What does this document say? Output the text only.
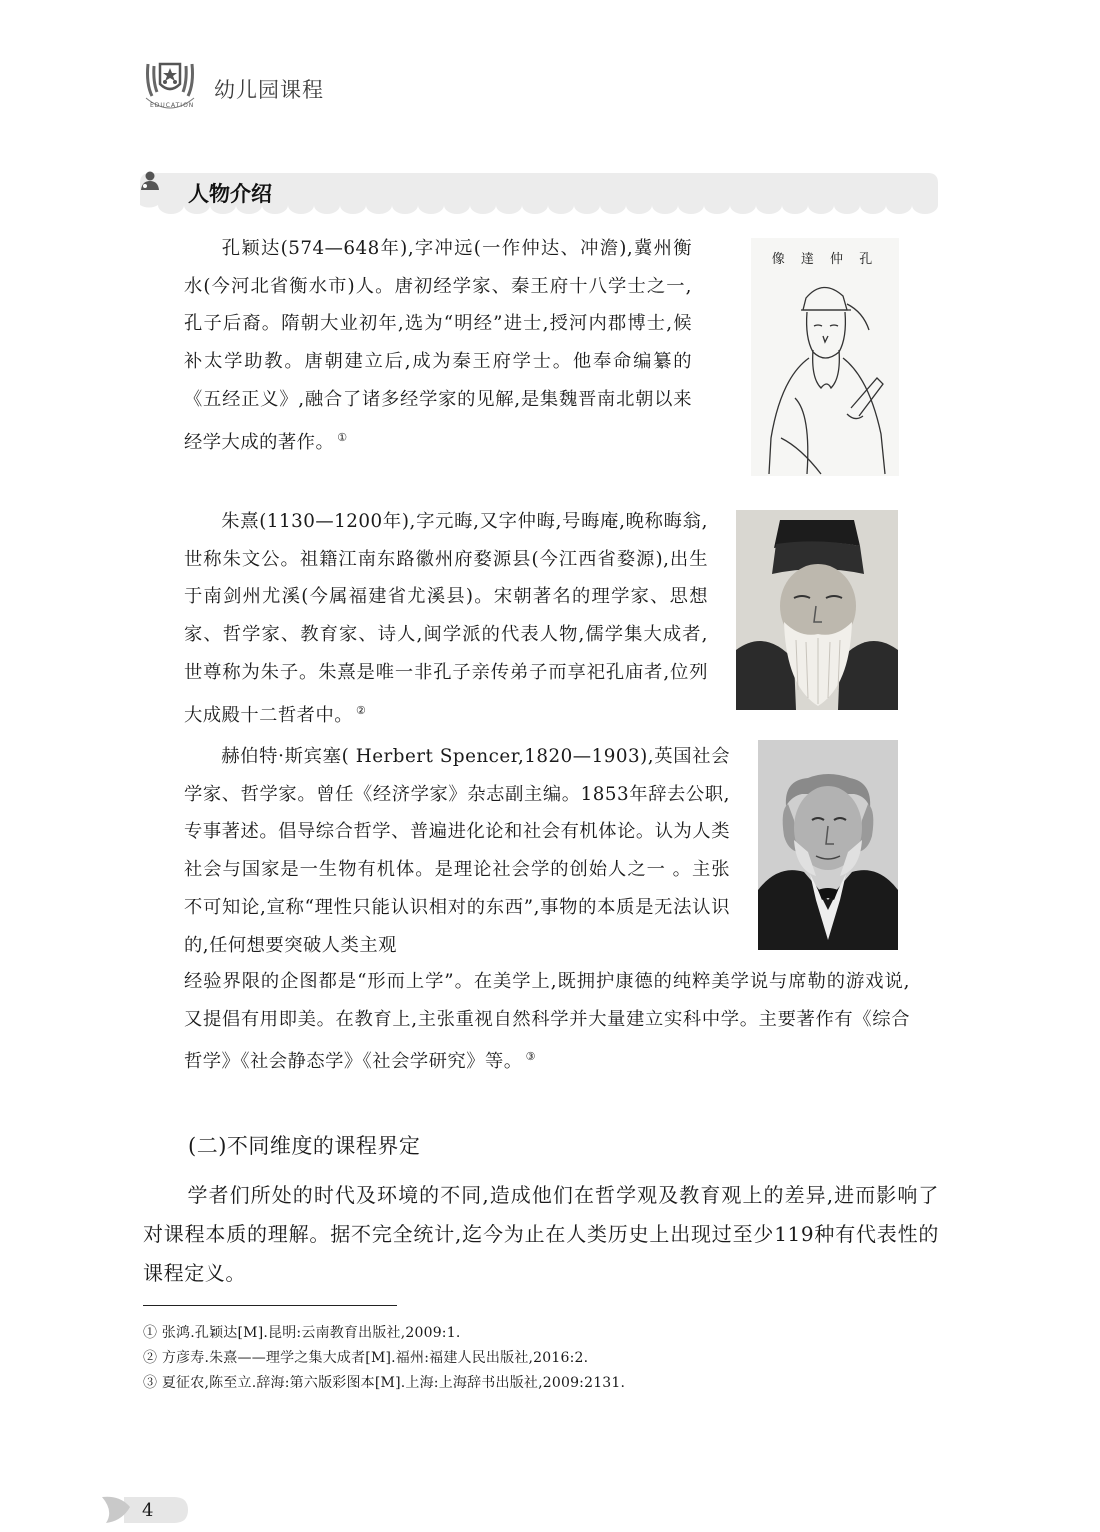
EDUCATION
幼儿园课程
人物介绍
孔颖达(574—648年),字冲远(一作仲达、冲澹),冀州衡水(今河北省衡水市)人。唐初经学家、秦王府十八学士之一,孔子后裔。隋朝大业初年,选为“明经”进士,授河内郡博士,候补太学助教。唐朝建立后,成为秦王府学士。他奉命编纂的《五经正义》,融合了诸多经学家的见解,是集魏晋南北朝以来经学大成的著作。 ①
孔 仲 達 像
朱熹(1130—1200年),字元晦,又字仲晦,号晦庵,晚称晦翁,世称朱文公。祖籍江南东路徽州府婺源县(今江西省婺源),出生于南剑州尤溪(今属福建省尤溪县)。宋朝著名的理学家、思想家、哲学家、教育家、诗人,闽学派的代表人物,儒学集大成者,世尊称为朱子。朱熹是唯一非孔子亲传弟子而享祀孔庙者,位列大成殿十二哲者中。 ②
赫伯特·斯宾塞( Herbert Spencer,1820—1903),英国社会学家、哲学家。曾任《经济学家》杂志副主编。1853年辞去公职,专事著述。倡导综合哲学、普遍进化论和社会有机体论。认为人类社会与国家是一生物有机体。是理论社会学的创始人之一 。主张不可知论,宣称“理性只能认识相对的东西”,事物的本质是无法认识的,任何想要突破人类主观
经验界限的企图都是“形而上学”。在美学上,既拥护康德的纯粹美学说与席勒的游戏说,又提倡有用即美。在教育上,主张重视自然科学并大量建立实科中学。主要著作有《综合哲学》《社会静态学》《社会学研究》等。 ③
(二)不同维度的课程界定
学者们所处的时代及环境的不同,造成他们在哲学观及教育观上的差异,进而影响了对课程本质的理解。据不完全统计,迄今为止在人类历史上出现过至少119种有代表性的课程定义。
① 张鸿.孔颖达[M].昆明:云南教育出版社,2009:1.
② 方彦寿.朱熹——理学之集大成者[M].福州:福建人民出版社,2016:2.
③ 夏征农,陈至立.辞海:第六版彩图本[M].上海:上海辞书出版社,2009:2131.
4
